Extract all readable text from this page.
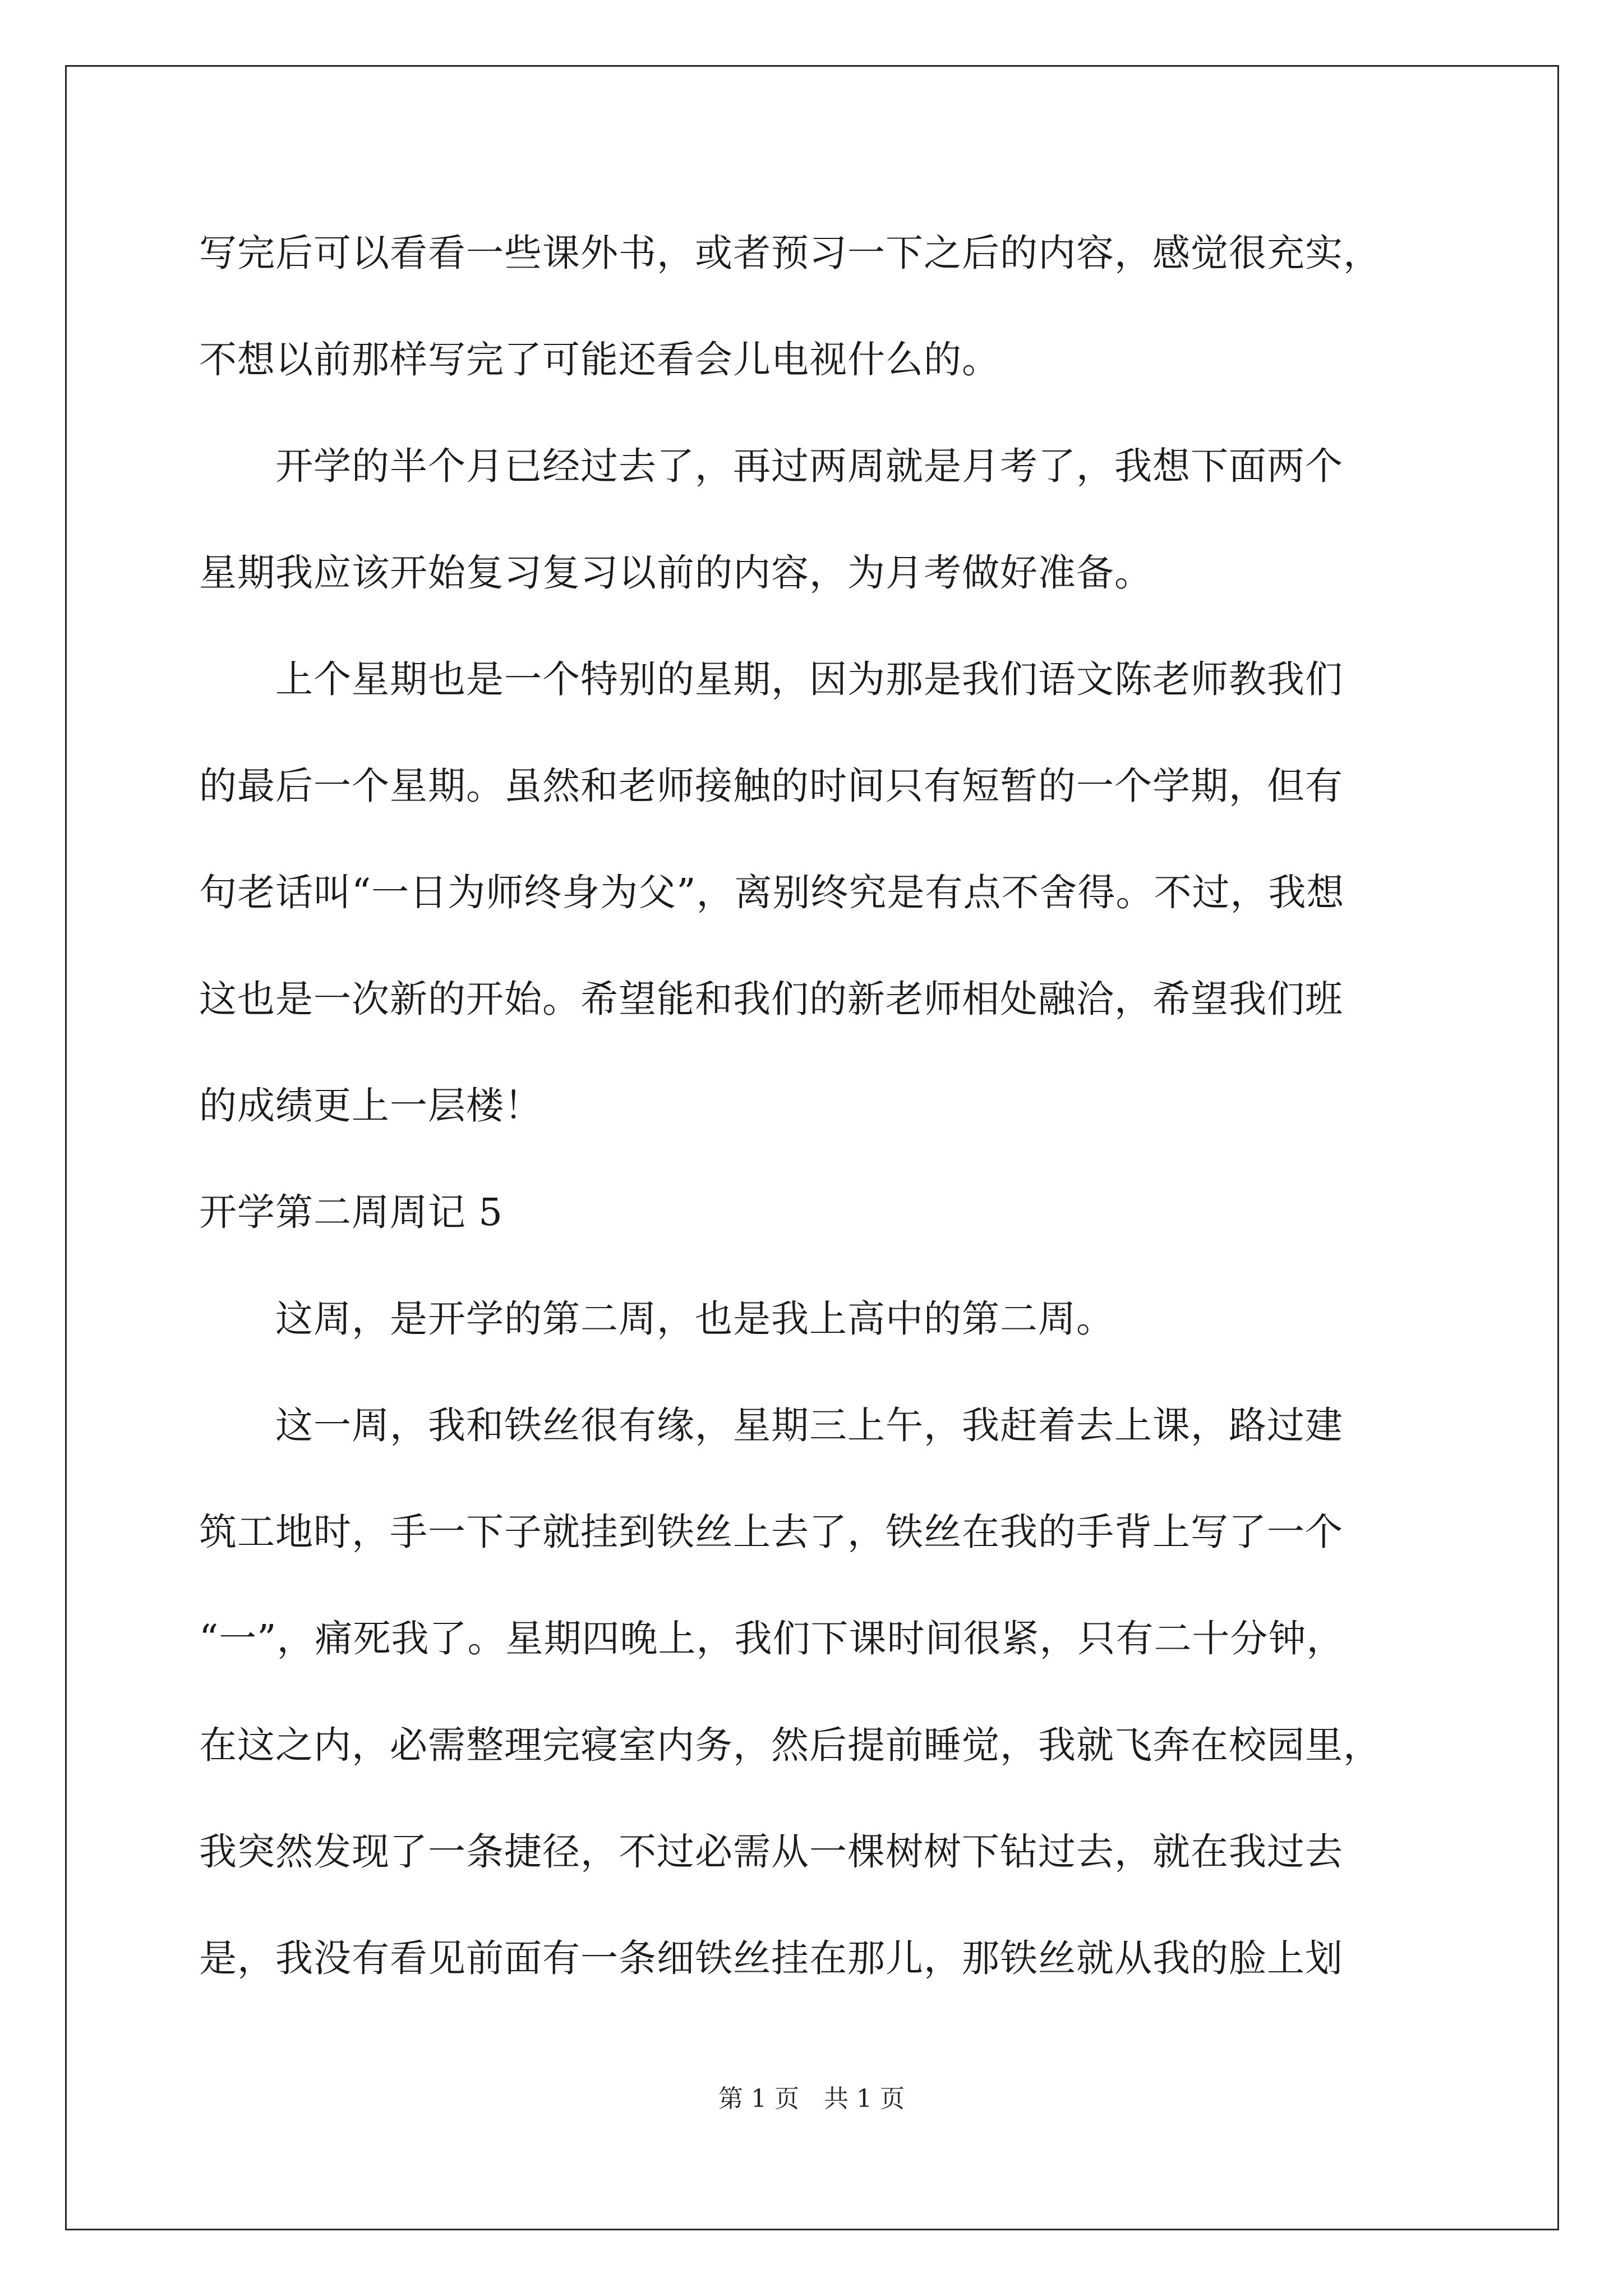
写完后可以看看一些课外书，或者预习一下之后的内容，感觉很充实，

不想以前那样写完了可能还看会儿电视什么的。

　　开学的半个月已经过去了，再过两周就是月考了，我想下面两个

星期我应该开始复习复习以前的内容，为月考做好准备。

　　上个星期也是一个特别的星期，因为那是我们语文陈老师教我们

的最后一个星期。虽然和老师接触的时间只有短暂的一个学期，但有

句老话叫“一日为师终身为父”，离别终究是有点不舍得。不过，我想

这也是一次新的开始。希望能和我们的新老师相处融洽，希望我们班

的成绩更上一层楼！

开学第二周周记 5

　　这周，是开学的第二周，也是我上高中的第二周。

　　这一周，我和铁丝很有缘，星期三上午，我赶着去上课，路过建

筑工地时，手一下子就挂到铁丝上去了，铁丝在我的手背上写了一个

“一”，痛死我了。星期四晚上，我们下课时间很紧，只有二十分钟，

在这之内，必需整理完寝室内务，然后提前睡觉，我就飞奔在校园里，

我突然发现了一条捷径，不过必需从一棵树树下钻过去，就在我过去

是，我没有看见前面有一条细铁丝挂在那儿，那铁丝就从我的脸上划

第 1 页　共 1 页
